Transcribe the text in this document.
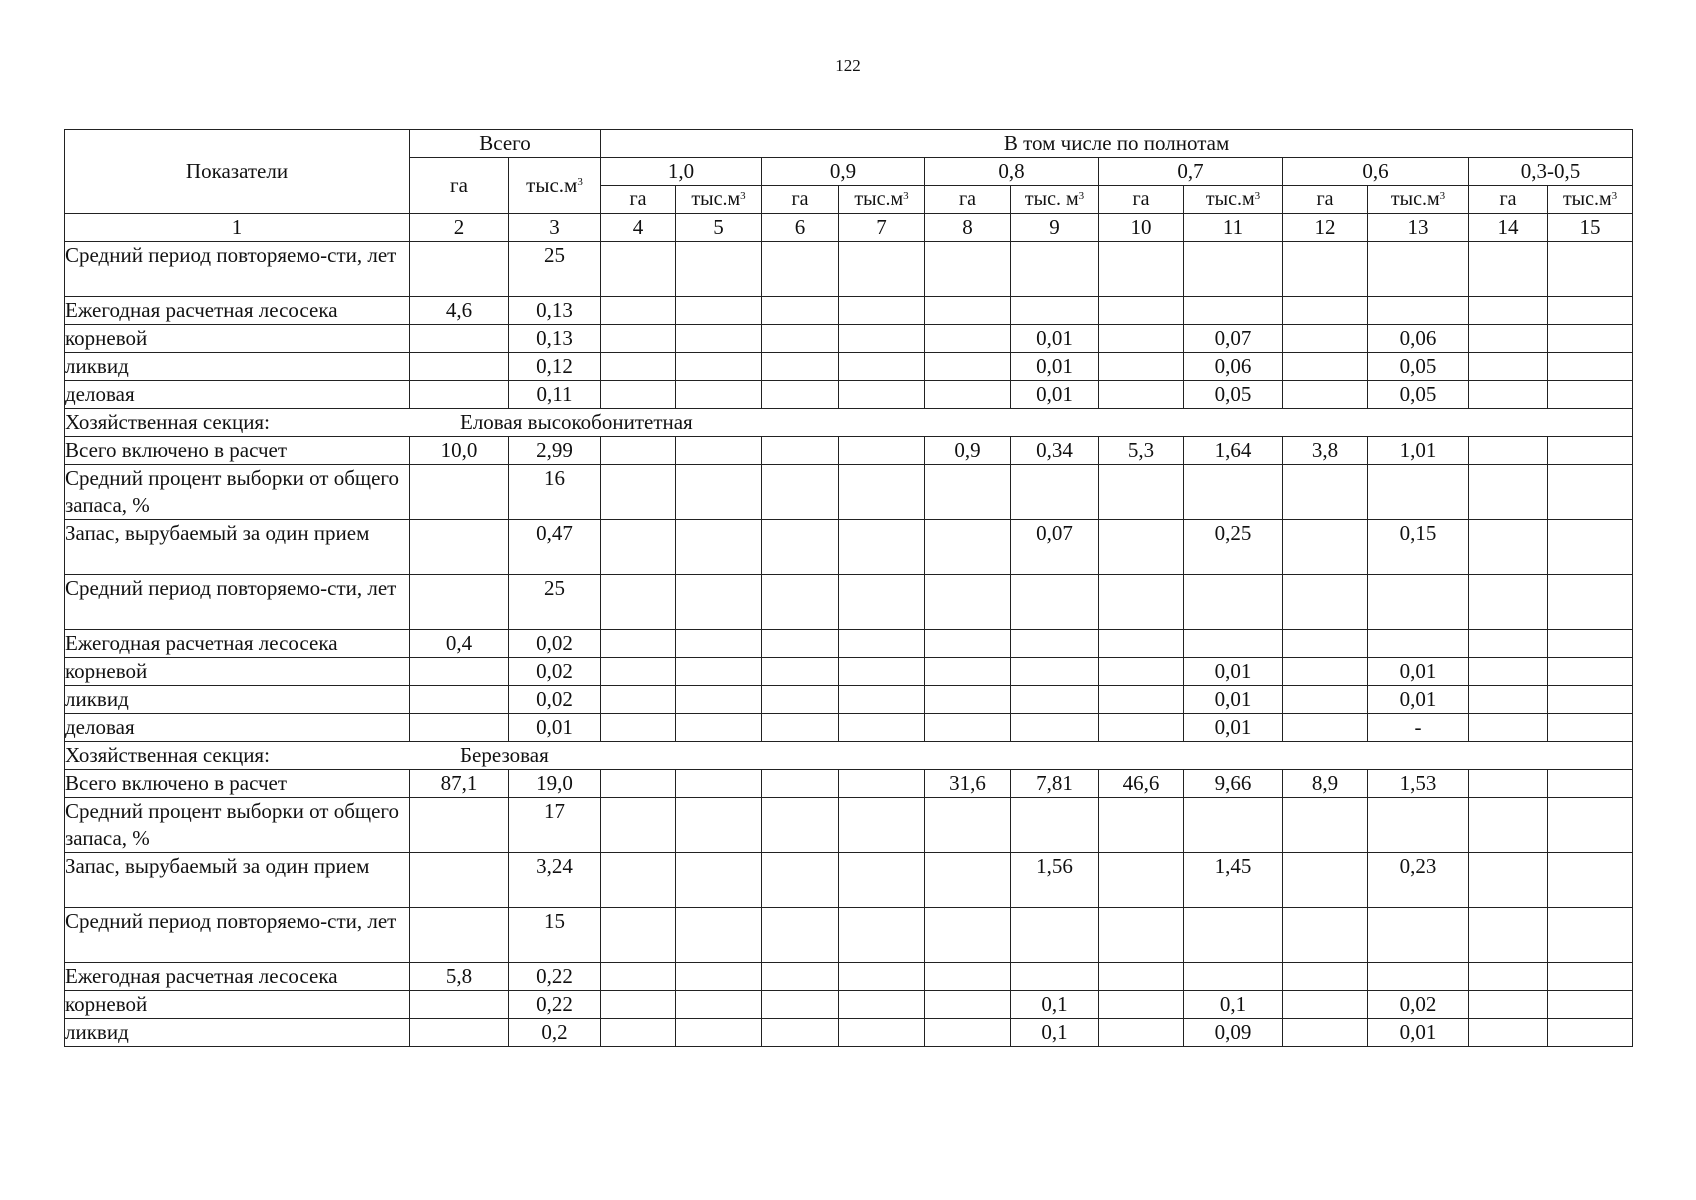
122
Показатели	Всего		В том числе по полнотам											
	га	$тыс.м^3$	1,0		0,9		0,8		0,7		0,6		0,3-0,5	
			га	$тыс.м^3$	га	$тыс.м^3$	га	тыс. $м^3$	га	$тыс.м^3$	га	$тыс.м^3$	га	$тыс.м^3$
1	2	3	4	5	6	7	8	9	10	11	12	13	14	15
Средний период повторяемо-сти, лет		25												
Ежегодная расчетная лесосека	4,6	0,13												
корневой		0,13						0,01		0,07		0,06		
ликвид		0,12						0,01		0,06		0,05		
деловая		0,11						0,01		0,05		0,05		
Хозяйственная секция: Еловая высокобонитетная														
Всего включено в расчет	10,0	2,99					0,9	0,34	5,3	1,64	3,8	1,01		
Средний процент выборки от общего запаса, %		16												
Запас, вырубаемый за один прием		0,47						0,07		0,25		0,15		
Средний период повторяемо-сти, лет		25												
Ежегодная расчетная лесосека	0,4	0,02												
корневой		0,02								0,01		0,01		
ликвид		0,02								0,01		0,01		
деловая		0,01								0,01		-		
Хозяйственная секция: Березовая														
Всего включено в расчет	87,1	19,0					31,6	7,81	46,6	9,66	8,9	1,53		
Средний процент выборки от общего запаса, %		17												
Запас, вырубаемый за один прием		3,24						1,56		1,45		0,23		
Средний период повторяемо-сти, лет		15												
Ежегодная расчетная лесосека	5,8	0,22												
корневой		0,22						0,1		0,1		0,02		
ликвид		0,2						0,1		0,09		0,01		
